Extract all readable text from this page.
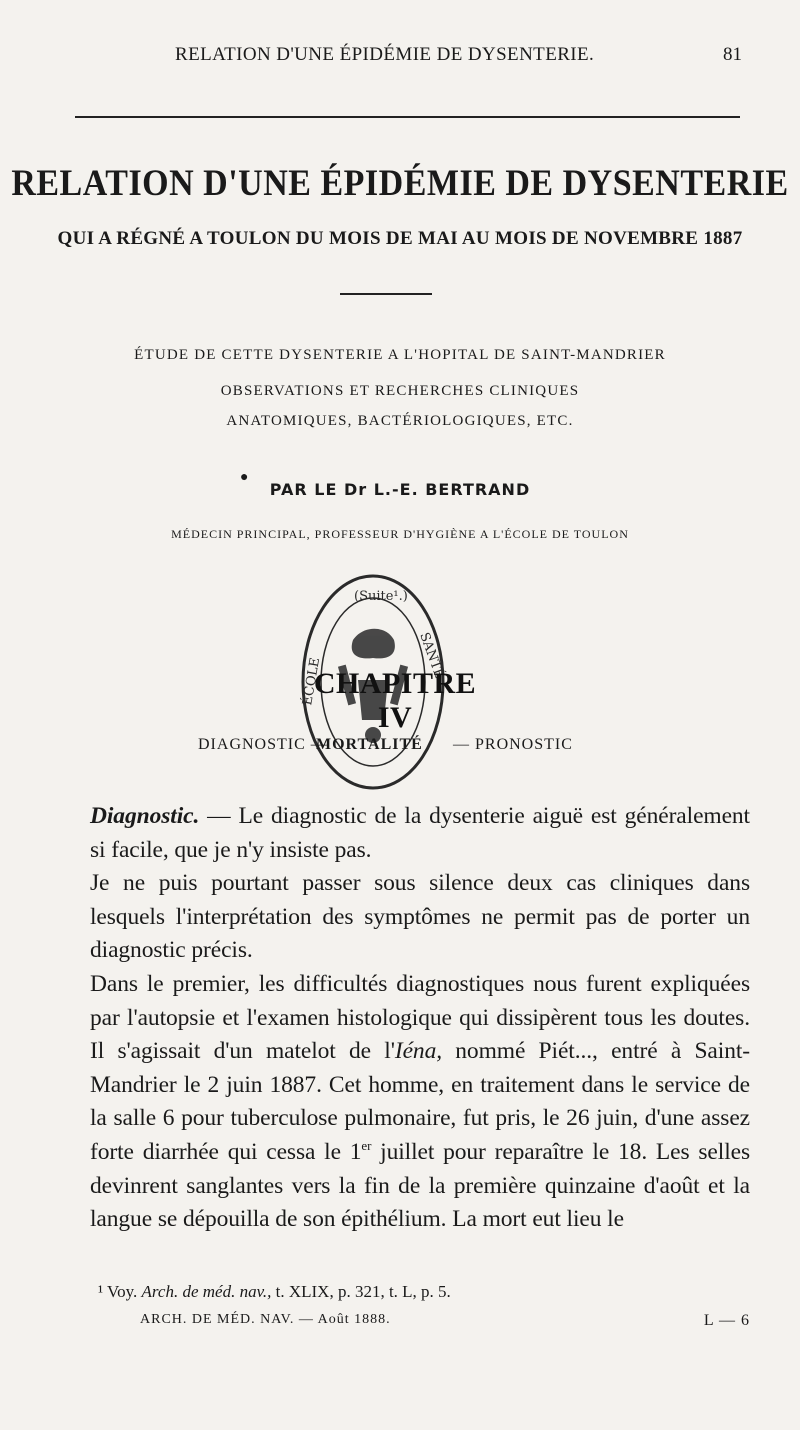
RELATION D'UNE ÉPIDÉMIE DE DYSENTERIE.	81
RELATION D'UNE ÉPIDÉMIE DE DYSENTERIE
QUI A RÉGNÉ A TOULON DU MOIS DE MAI AU MOIS DE NOVEMBRE 1887
ÉTUDE DE CETTE DYSENTERIE A L'HOPITAL DE SAINT-MANDRIER
OBSERVATIONS ET RECHERCHES CLINIQUES
ANATOMIQUES, BACTÉRIOLOGIQUES, ETC.
●
PAR LE Dr L.-E. BERTRAND
MÉDECIN PRINCIPAL, PROFESSEUR D'HYGIÈNE A L'ÉCOLE DE TOULON
ÉCOLE
SANTÉ
(Suite¹.)
CHAPITRE IV
DIAGNOSTIC —
MORTALITÉ — PRONOSTIC

Diagnostic. — Le diagnostic de la dysenterie aiguë est généralement si facile, que je n'y insiste pas.

Je ne puis pourtant passer sous silence deux cas cliniques dans lesquels l'interprétation des symptômes ne permit pas de porter un diagnostic précis.

Dans le premier, les difficultés diagnostiques nous furent expliquées par l'autopsie et l'examen histologique qui dissipèrent tous les doutes. Il s'agissait d'un matelot de l'Iéna, nommé Piét..., entré à Saint-Mandrier le 2 juin 1887. Cet homme, en traitement dans le service de la salle 6 pour tuberculose pulmonaire, fut pris, le 26 juin, d'une assez forte diarrhée qui cessa le 1er juillet pour reparaître le 18. Les selles devinrent sanglantes vers la fin de la première quinzaine d'août et la langue se dépouilla de son épithélium. La mort eut lieu le

¹ Voy. Arch. de méd. nav., t. XLIX, p. 321, t. L, p. 5.
ARCH. DE MÉD. NAV. — Août 1888.	L — 6
